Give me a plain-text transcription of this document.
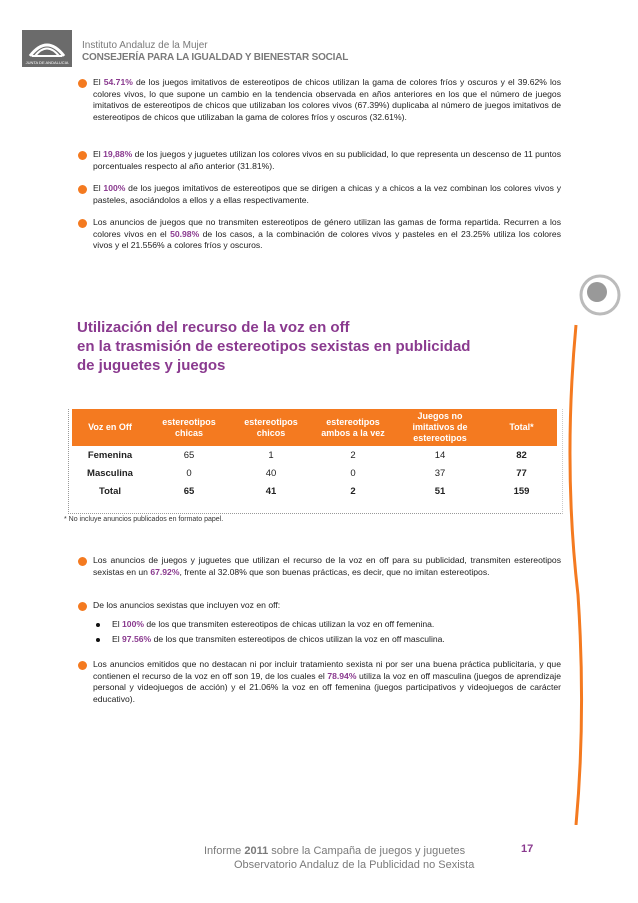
JUNTA DE ANDALUCIA
Instituto Andaluz de la Mujer
CONSEJERÍA PARA LA IGUALDAD Y BIENESTAR SOCIAL
El 54.71% de los juegos imitativos de estereotipos de chicos utilizan la gama de colores fríos y oscuros y el 39.62% los colores vivos, lo que supone un cambio en la tendencia observada en años anteriores en los que el número de juegos imitativos de estereotipos de chicos que utilizaban los colores vivos (67.39%) duplicaba al número de juegos imitativos de estereotipos de chicos que utilizaban la gama de colores fríos y oscuros (32.61%).
El 19,88% de los juegos y juguetes utilizan los colores vivos en su publicidad, lo que representa un descenso de 11 puntos porcentuales respecto al año anterior (31.81%).
El 100% de los juegos imitativos de estereotipos que se dirigen a chicas y a chicos a la vez combinan los colores vivos y pasteles, asociándolos a ellos y a ellas respectivamente.
Los anuncios de juegos que no transmiten estereotipos de género utilizan las gamas de forma repartida. Recurren a los colores vivos en el 50.98% de los casos, a la combinación de colores vivos y pasteles en el 23.25% utiliza los colores vivos y el 21.556% a colores fríos y oscuros.
Utilización del recurso de la voz en off
en la trasmisión de estereotipos sexistas en publicidad
de juguetes y juegos
Voz en Off	estereotipos chicas	estereotipos chicos	estereotipos ambos a la vez	Juegos no imitativos de estereotipos	Total*
Femenina	65	1	2	14	82
Masculina	0	40	0	37	77
Total	65	41	2	51	159
* No incluye anuncios publicados en formato papel.
Los anuncios de juegos y juguetes que utilizan el recurso de la voz en off para su publicidad, transmiten estereotipos sexistas en un 67.92%, frente al 32.08% que son buenas prácticas, es decir, que no imitan estereotipos.
De los anuncios sexistas que incluyen voz en off:
El 100% de los que transmiten estereotipos de chicas utilizan la voz en off femenina.
El 97.56% de los que transmiten estereotipos de chicos utilizan la voz en off masculina.
Los anuncios emitidos que no destacan ni por incluir tratamiento sexista ni por ser una buena práctica publicitaria, y que contienen el recurso de la voz en off son 19, de los cuales el 78.94% utiliza la voz en off masculina (juegos de aprendizaje personal y videojuegos de acción) y el 21.06% la voz en off femenina (juegos participativos y videojuegos de carácter educativo).
Informe 2011 sobre la Campaña de juegos y juguetes
Observatorio Andaluz de la Publicidad no Sexista
17
